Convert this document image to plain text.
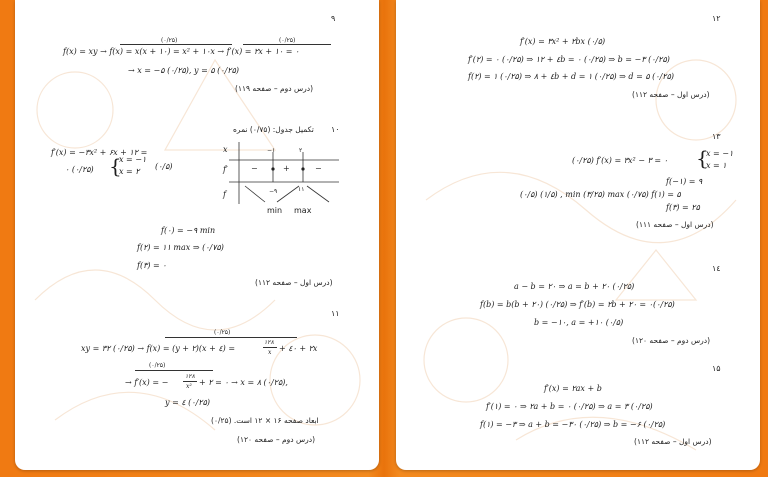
۹
(۰/۲۵)	(۰/۲۵)
f(x) = xy → f(x) = x(x + ۱۰) = x² + ۱۰x → f′(x) = ۲x + ۱۰ = ۰
→ x = −۵ (۰/۲۵), y = ۵ (۰/۲۵)
(درس دوم – صفحه ۱۱۹)
۱۰
تکمیل جدول: (۰/۷۵) نمره
f′(x) = −۳x² + ۶x + ۱۲ =
۰ (۰/۲۵) {
x = −۱
x = ۲
(۰/۵)
x	−۱	۲
f′	−	+	−
f	−۹	۱۱
min max
f(۰) = −۹ min
f(۲) = ۱۱ max ⇒ (۰/۷۵)
f(۳) = ۰
(درس اول – صفحه ۱۱۲)
۱۱
(۰/۲۵)
xy = ۳۲ (۰/۲۵) → f(x) = (y + ۲)(x + ٤) =
۱۲۸
x + ٤۰ + ۲x
(۰/۲۵)
→ f′(x) = −
۱۲۸
x² + ۲ = ۰ → x = ۸ (۰/۲۵),
y = ٤ (۰/۲۵)
ابعاد صفحه ۱۶ × ۱۲ است. (۰/۲۵)
(درس دوم – صفحه ۱۲۰)
۱۲
f′(x) = ۳x² + ۲bx (۰/۵)
f′(۲) = ۰ (۰/۲۵) ⇒ ۱۲ + ٤b = ۰ (۰/۲۵) ⇒ b = −۳ (۰/۲۵)
f(۲) = ۱ (۰/۲۵) ⇒ ۸ + ٤b + d = ۱ (۰/۲۵) ⇒ d = ۵ (۰/۲۵)
(درس اول – صفحه ۱۱۲)
۱۳
(۰/۲۵) f′(x) = ۳x² − ۳ = ۰ {
x = −۱
x = ۱
f(−۱) = ۹
(۰/۵) (۱/۵) , min (۳/۲۵) max (۰/۷۵) f(۱) = ۵
f(۳) = ۲۵
(درس اول – صفحه ۱۱۱)
۱٤
a − b = ۲۰ ⇒ a = b + ۲۰ (۰/۲۵)
f(b) = b(b + ۲۰) (۰/۲۵) ⇒ f′(b) = ۲b + ۲۰ = ۰(۰/۲۵)
b = −۱۰, a = +۱۰ (۰/۵)
(درس دوم – صفحه ۱۲۰)
۱۵
f′(x) = ۲ax + b
f′(۱) = ۰ ⇒ ۲a + b = ۰ (۰/۲۵) ⇒ a = ۳ (۰/۲۵)
f(۱) = −۳ ⇒ a + b = −۳۰ (۰/۲۵) ⇒ b = −۶ (۰/۲۵)
(درس اول – صفحه ۱۱۲)
